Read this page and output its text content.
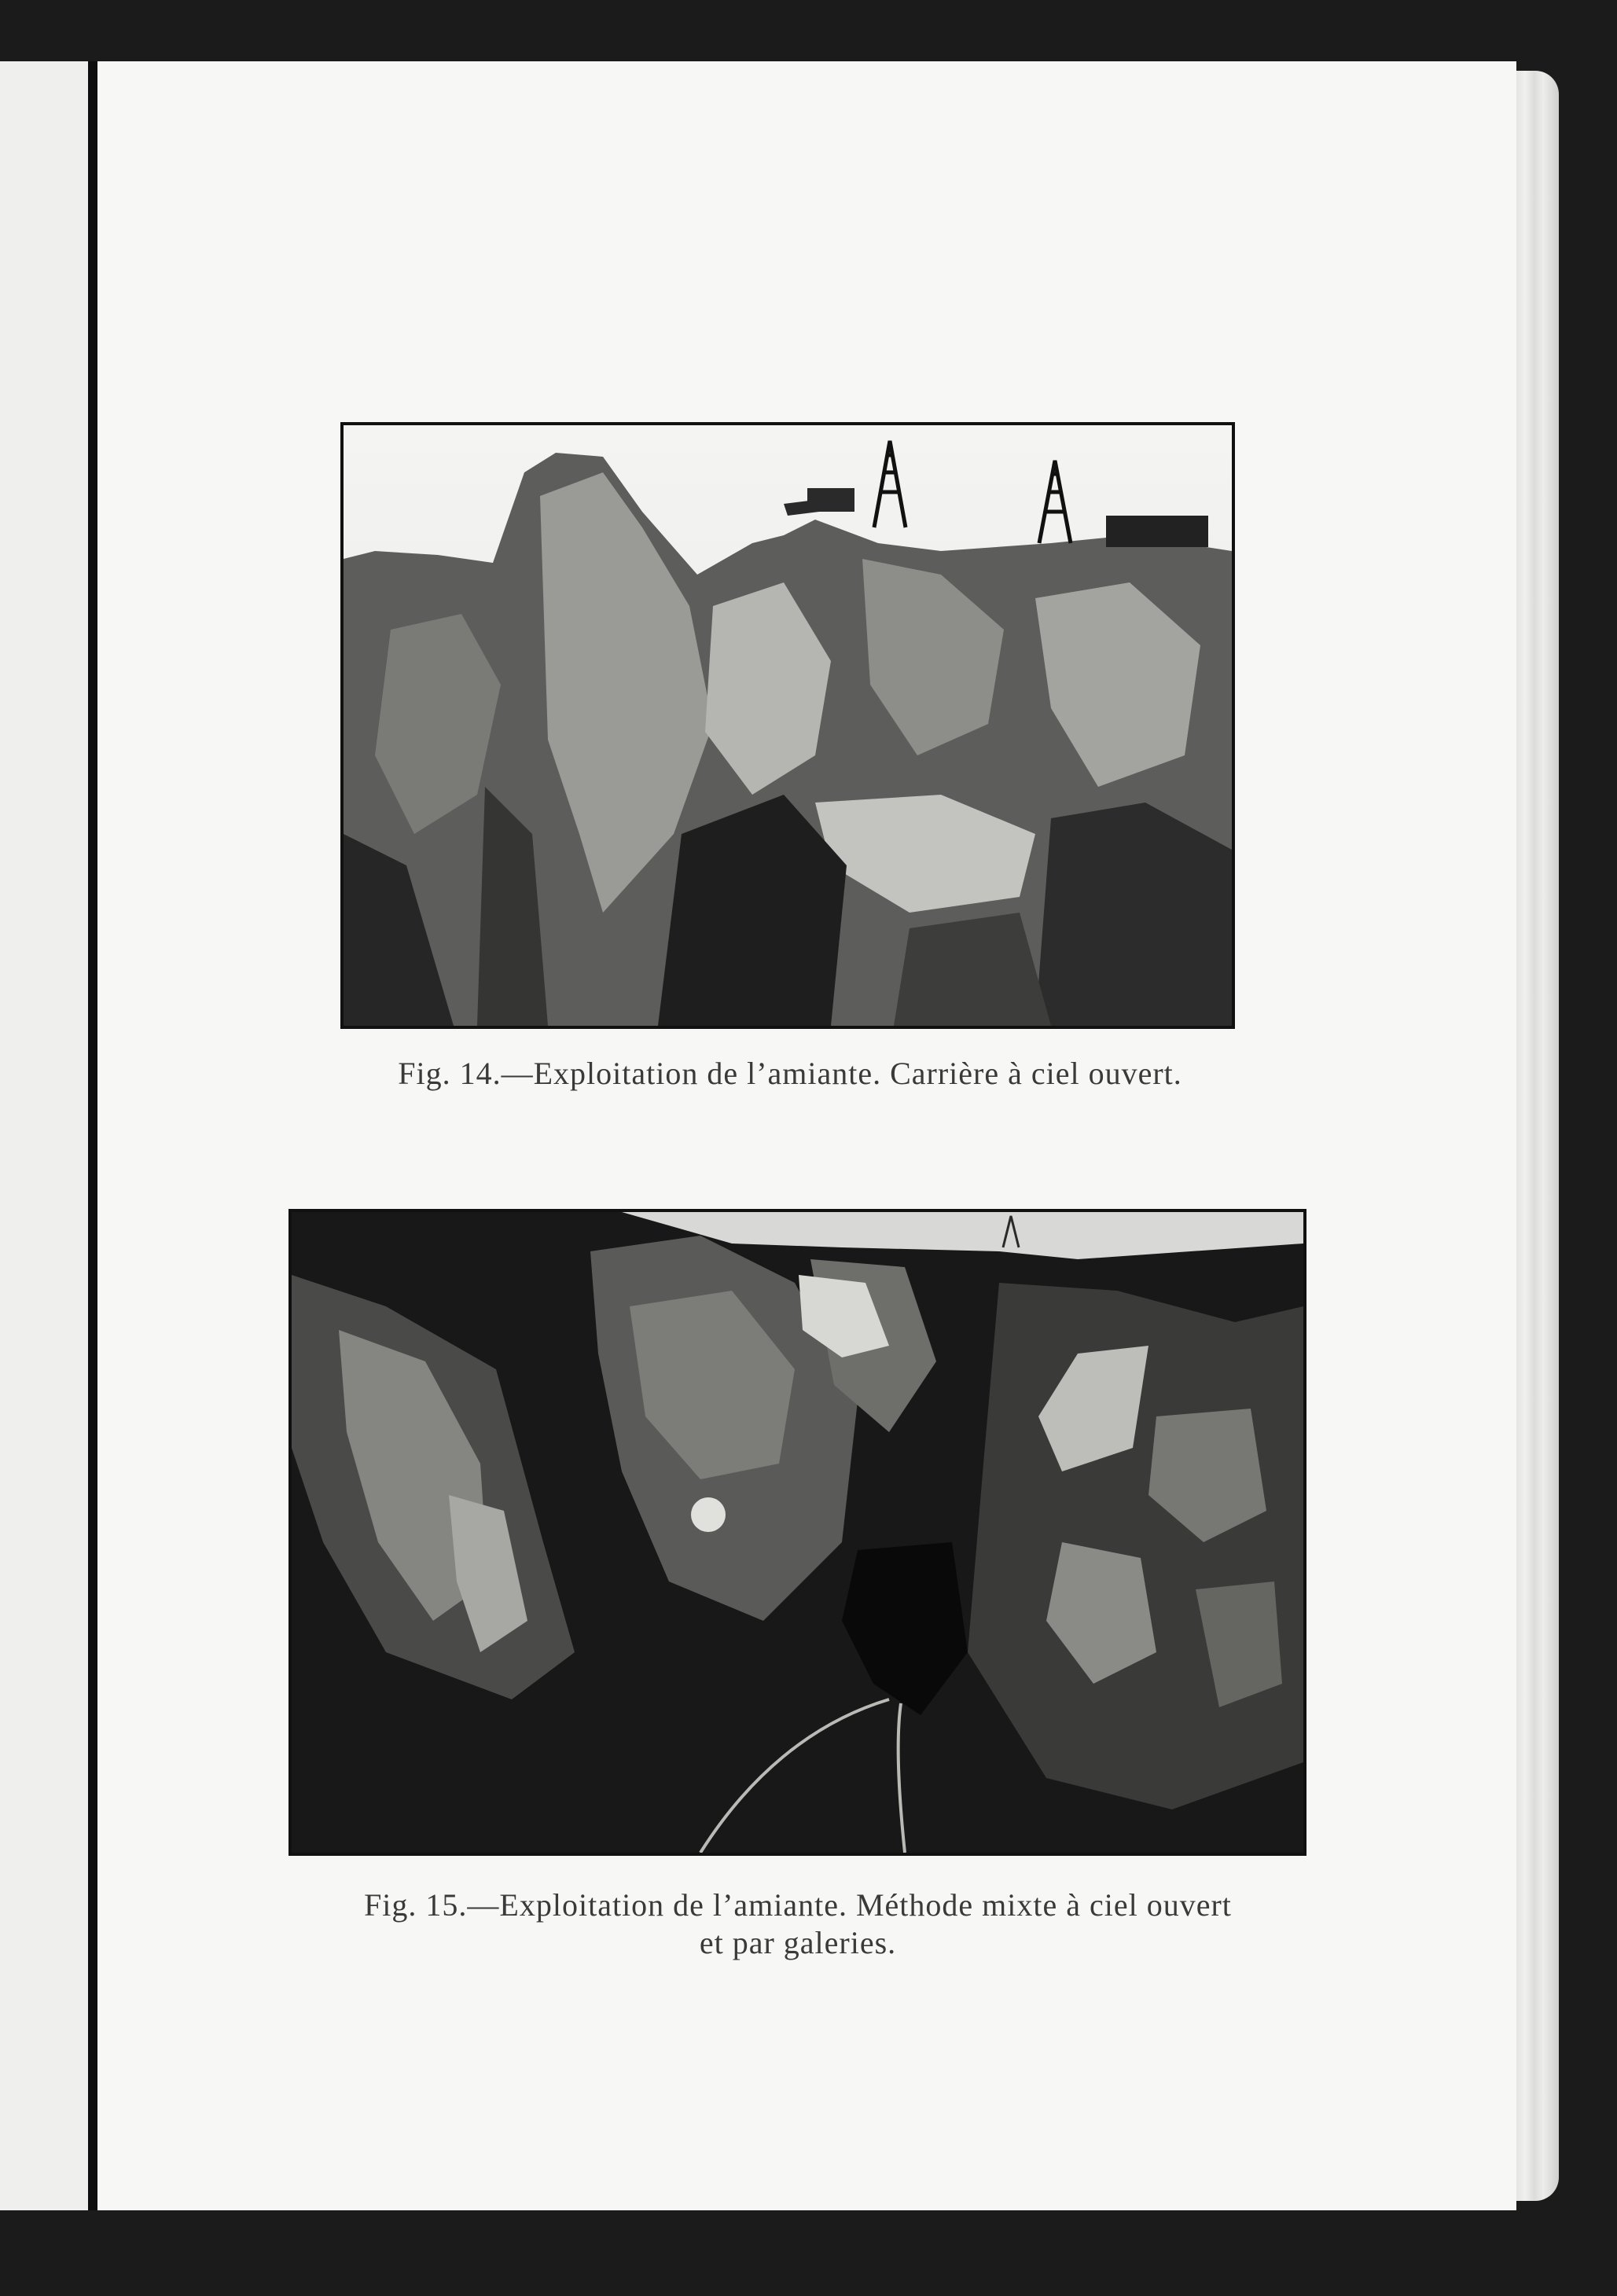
Fig. 14.—Exploitation de l’amiante. Carrière à ciel ouvert.
Fig. 15.—Exploitation de l’amiante. Méthode mixte à ciel ouvert
et par galeries.
